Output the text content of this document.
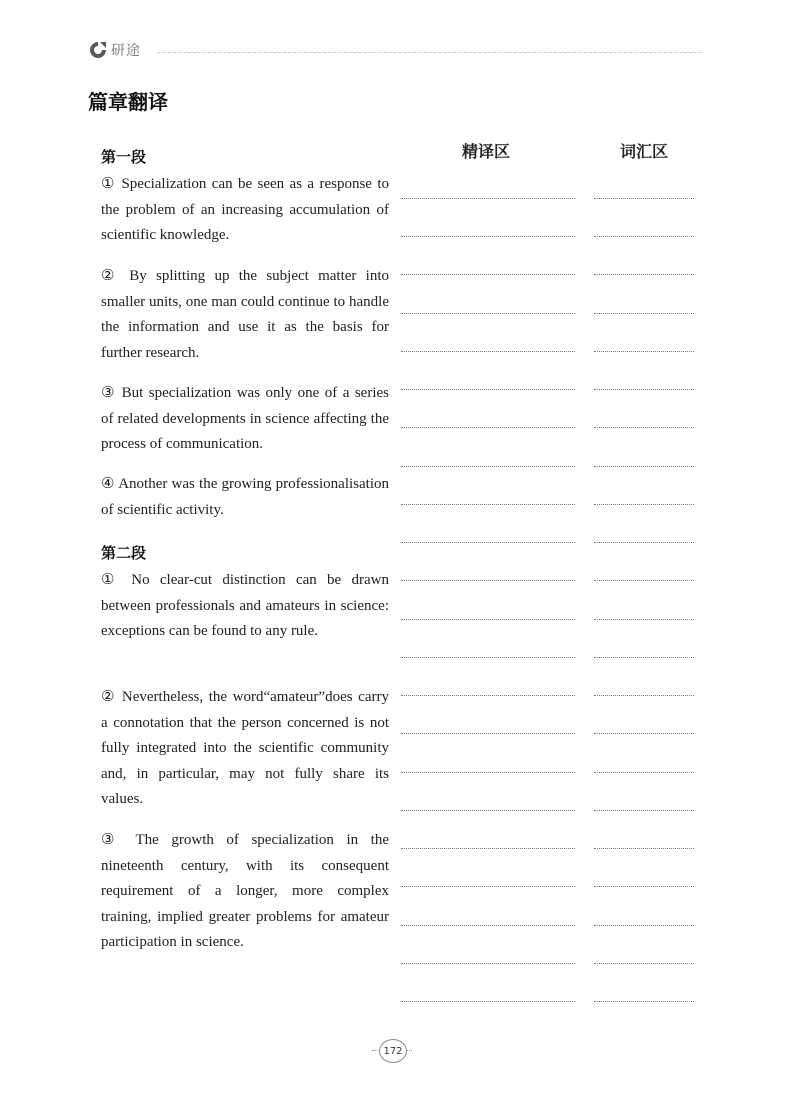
研途
篇章翻译
精译区	词汇区
第一段
① Specialization can be seen as a response to the problem of an increasing accumulation of scientific knowledge.
② By splitting up the subject matter into smaller units, one man could continue to handle the information and use it as the basis for further research.
③ But specialization was only one of a series of related developments in science affecting the process of communication.
④ Another was the growing professionalisation of scientific activity.
第二段
① No clear-cut distinction can be drawn between professionals and amateurs in science: exceptions can be found to any rule.
② Nevertheless, the word“amateur”does carry a connotation that the person concerned is not fully integrated into the scientific community and, in particular, may not fully share its values.
③ The growth of specialization in the nineteenth century, with its consequent requirement of a longer, more complex training, implied greater problems for amateur participation in science.
172
